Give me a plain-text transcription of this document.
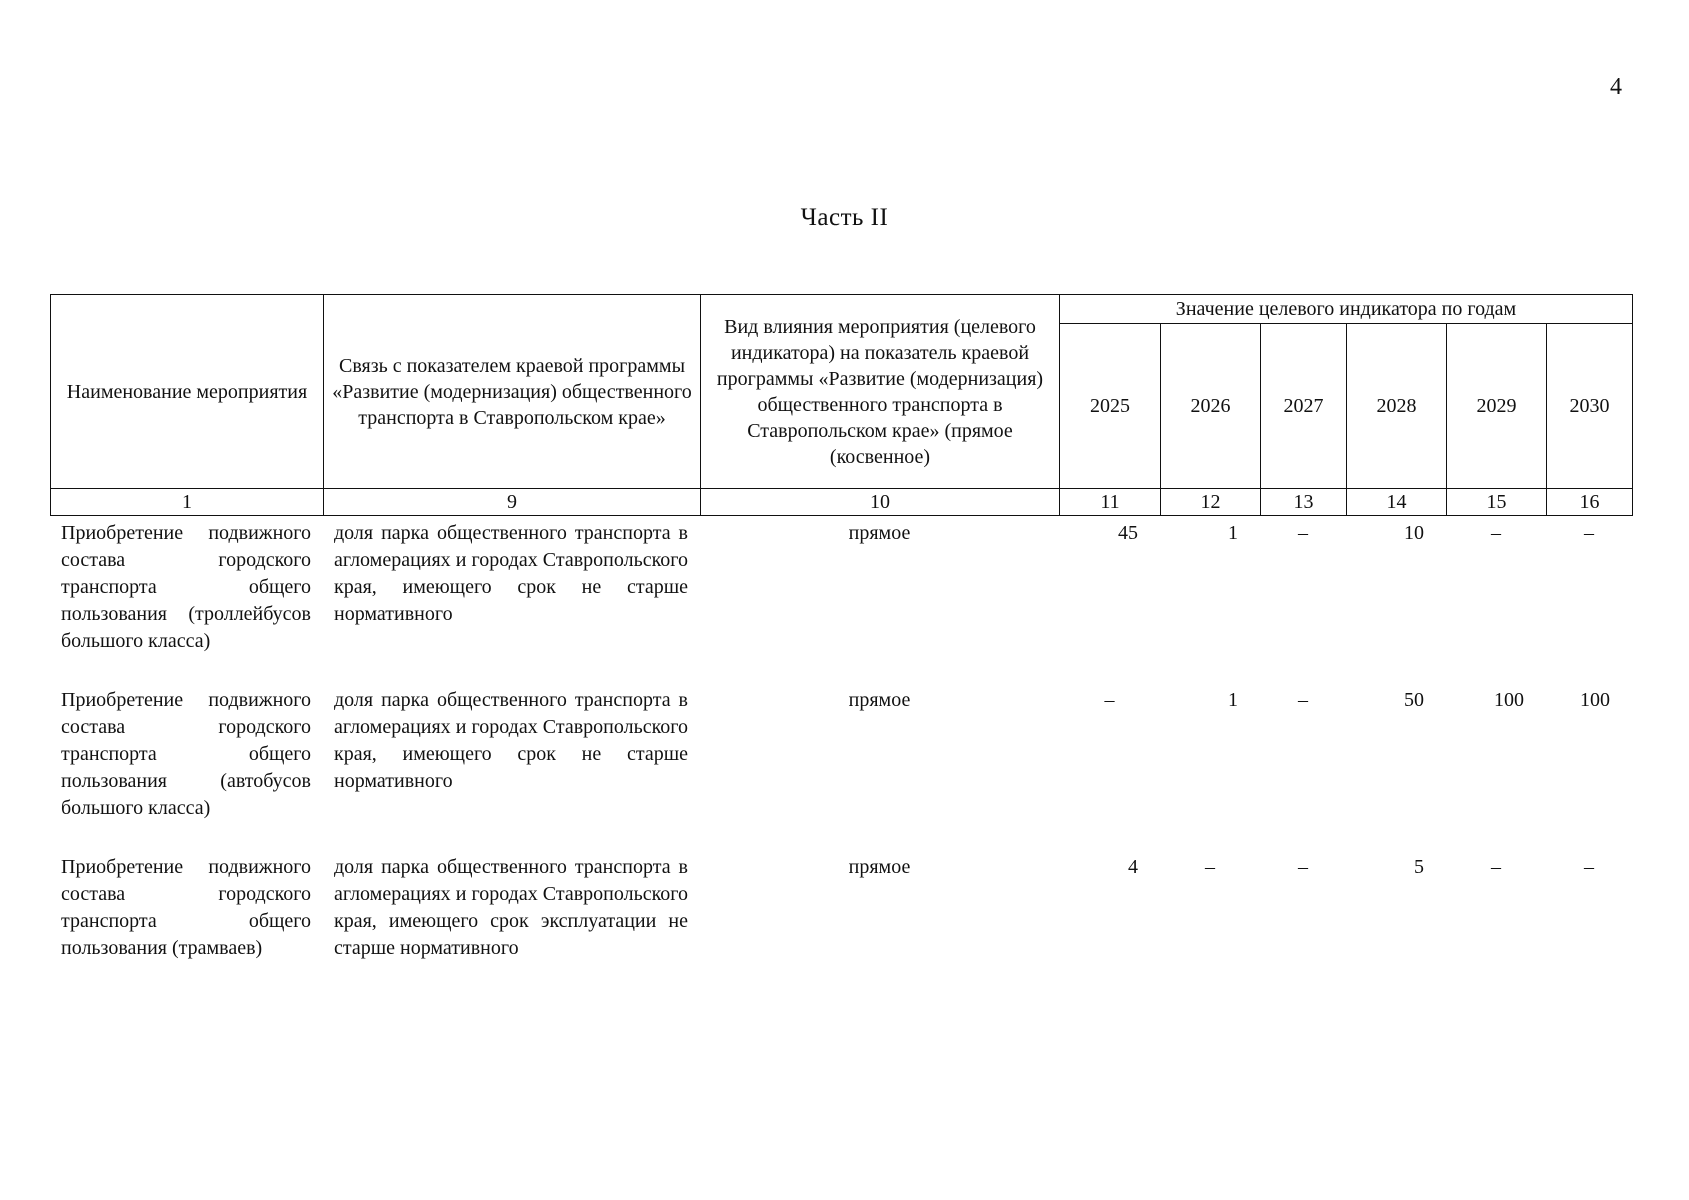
4
Часть II
Наименование мероприятия	Связь с показателем краевой программы «Развитие (модернизация) общественного транспорта в Ставропольском крае»	Вид влияния мероприятия (целевого индикатора) на показатель краевой программы «Развитие (модернизация) общественного транспорта в Ставропольском крае» (прямое (косвенное)	Значение целевого индикатора по годам					
			2025	2026	2027	2028	2029	2030
1	9	10	11	12	13	14	15	16
Приобретение подвижного состава городского транспорта общего пользования (троллейбусов большого класса)	доля парка общественного транспорта в агломерациях и городах Ставропольского края, имеющего срок не старше нормативного	прямое	45	1	–	10	–	–
Приобретение подвижного состава городского транспорта общего пользования (автобусов большого класса)	доля парка общественного транспорта в агломерациях и городах Ставропольского края, имеющего срок не старше нормативного	прямое	–	1	–	50	100	100
Приобретение подвижного состава городского транспорта общего пользования (трамваев)	доля парка общественного транспорта в агломерациях и городах Ставропольского края, имеющего срок эксплуатации не старше нормативного	прямое	4	–	–	5	–	–
